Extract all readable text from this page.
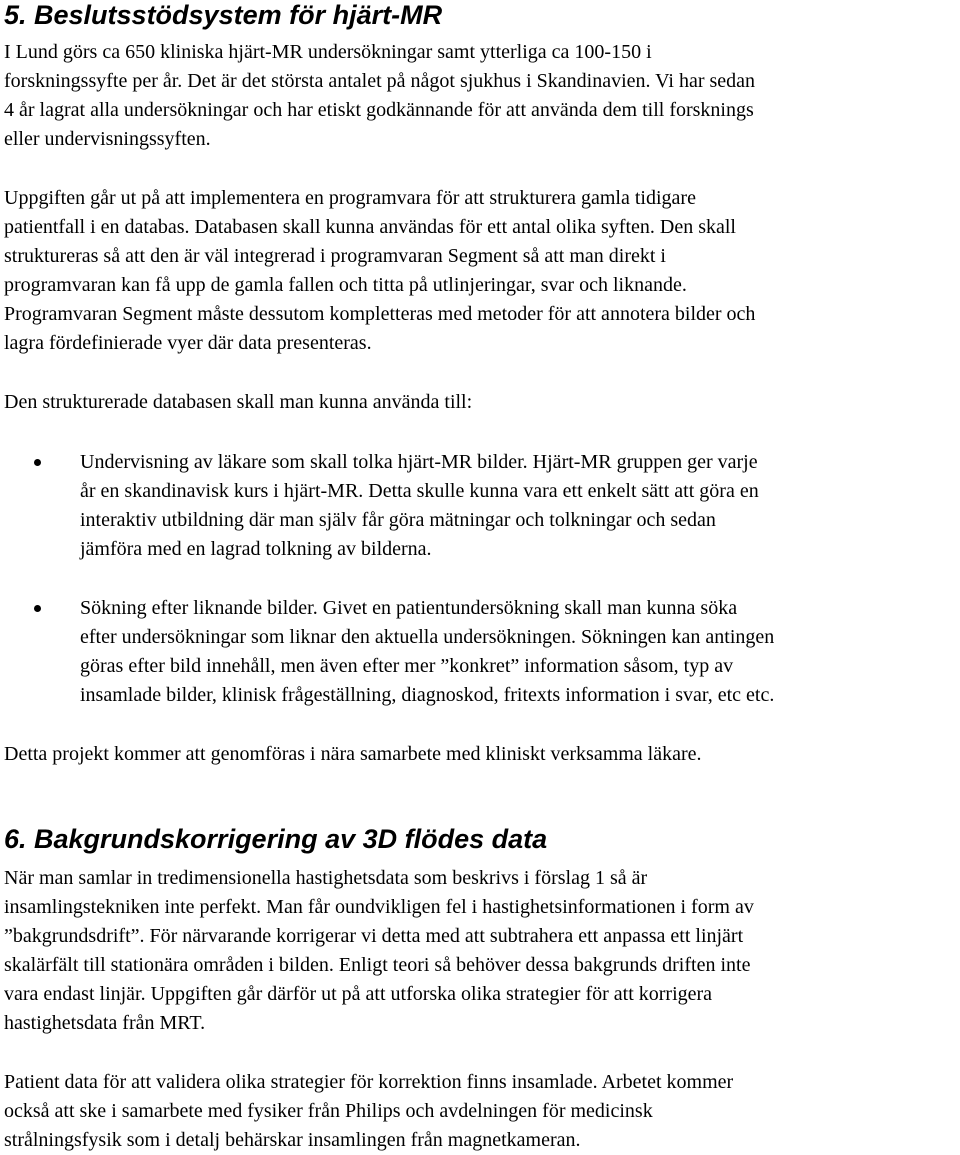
5. Beslutsstödsystem för hjärt-MR

I Lund görs ca 650 kliniska hjärt-MR undersökningar samt ytterliga ca 100-150 i
forskningssyfte per år. Det är det största antalet på något sjukhus i Skandinavien. Vi har sedan
4 år lagrat alla undersökningar och har etiskt godkännande för att använda dem till forsknings
eller undervisningssyften.

Uppgiften går ut på att implementera en programvara för att strukturera gamla tidigare
patientfall i en databas. Databasen skall kunna användas för ett antal olika syften. Den skall
struktureras så att den är väl integrerad i programvaran Segment så att man direkt i
programvaran kan få upp de gamla fallen och titta på utlinjeringar, svar och liknande.
Programvaran Segment måste dessutom kompletteras med metoder för att annotera bilder och
lagra fördefinierade vyer där data presenteras.

Den strukturerade databasen skall man kunna använda till:

Undervisning av läkare som skall tolka hjärt-MR bilder. Hjärt-MR gruppen ger varje
år en skandinavisk kurs i hjärt-MR. Detta skulle kunna vara ett enkelt sätt att göra en
interaktiv utbildning där man själv får göra mätningar och tolkningar och sedan
jämföra med en lagrad tolkning av bilderna.

Sökning efter liknande bilder. Givet en patientundersökning skall man kunna söka
efter undersökningar som liknar den aktuella undersökningen. Sökningen kan antingen
göras efter bild innehåll, men även efter mer ”konkret” information såsom, typ av
insamlade bilder, klinisk frågeställning, diagnoskod, fritexts information i svar, etc etc.

Detta projekt kommer att genomföras i nära samarbete med kliniskt verksamma läkare.

6. Bakgrundskorrigering av 3D flödes data

När man samlar in tredimensionella hastighetsdata som beskrivs i förslag 1 så är
insamlingstekniken inte perfekt. Man får oundvikligen fel i hastighetsinformationen i form av
”bakgrundsdrift”. För närvarande korrigerar vi detta med att subtrahera ett anpassa ett linjärt
skalärfält till stationära områden i bilden. Enligt teori så behöver dessa bakgrunds driften inte
vara endast linjär. Uppgiften går därför ut på att utforska olika strategier för att korrigera
hastighetsdata från MRT.

Patient data för att validera olika strategier för korrektion finns insamlade. Arbetet kommer
också att ske i samarbete med fysiker från Philips och avdelningen för medicinsk
strålningsfysik som i detalj behärskar insamlingen från magnetkameran.
